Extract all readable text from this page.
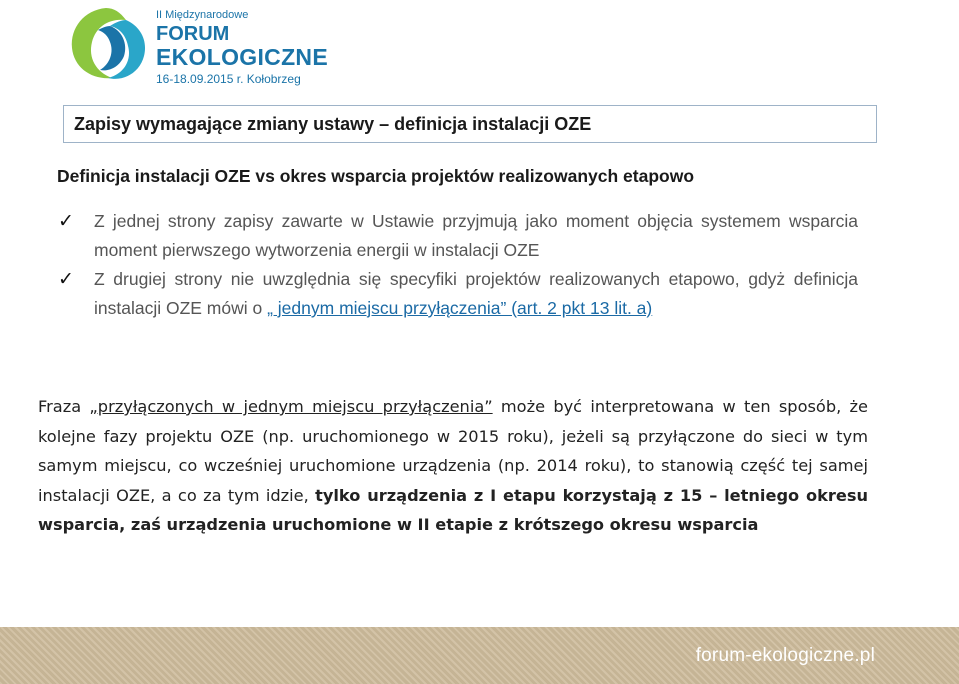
II Międzynarodowe
FORUM
EKOLOGICZNE
16-18.09.2015 r. Kołobrzeg
Zapisy wymagające zmiany ustawy – definicja instalacji OZE
Definicja instalacji OZE vs okres wsparcia projektów realizowanych etapowo
✓ Z jednej strony zapisy zawarte w Ustawie przyjmują jako moment objęcia systemem wsparcia moment pierwszego wytworzenia energii w instalacji OZE
✓ Z drugiej strony nie uwzględnia się specyfiki projektów realizowanych etapowo, gdyż definicja instalacji OZE mówi o „ jednym miejscu przyłączenia” (art. 2 pkt 13 lit. a)
Fraza „przyłączonych w jednym miejscu przyłączenia” może być interpretowana w ten sposób, że kolejne fazy projektu OZE (np. uruchomionego w 2015 roku), jeżeli są przyłączone do sieci w tym samym miejscu, co wcześniej uruchomione urządzenia (np. 2014 roku), to stanowią część tej samej instalacji OZE, a co za tym idzie, tylko urządzenia z I etapu korzystają z 15 – letniego okresu wsparcia, zaś urządzenia uruchomione w II etapie z krótszego okresu wsparcia
forum-ekologiczne.pl
